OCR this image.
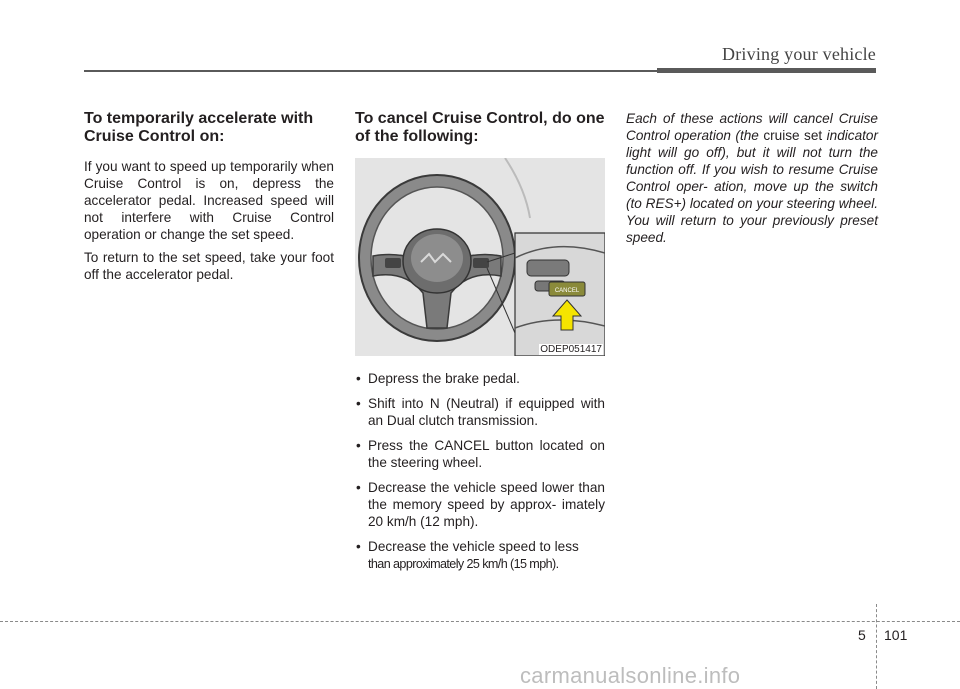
Driving your vehicle
To temporarily accelerate with Cruise Control on:

If you want to speed up temporarily when Cruise Control is on, depress the accelerator pedal. Increased speed will not interfere with Cruise Control operation or change the set speed.

To return to the set speed, take your foot off the accelerator pedal.

To cancel Cruise Control, do one of the following:
CANCEL
ODEP051417
• Depress the brake pedal.
• Shift into N (Neutral) if equipped with an Dual clutch transmission.
• Press the CANCEL button located on the steering wheel.
• Decrease the vehicle speed lower than the memory speed by approx- imately 20 km/h (12 mph).
• Decrease the vehicle speed to less
than approximately 25 km/h (15 mph).

Each of these actions will cancel Cruise Control operation (the cruise set indicator light will go off), but it will not turn the function off. If you wish to resume Cruise Control oper- ation, move up the switch (to RES+) located on your steering wheel. You will return to your previously preset speed.

5 101
carmanualsonline.info
